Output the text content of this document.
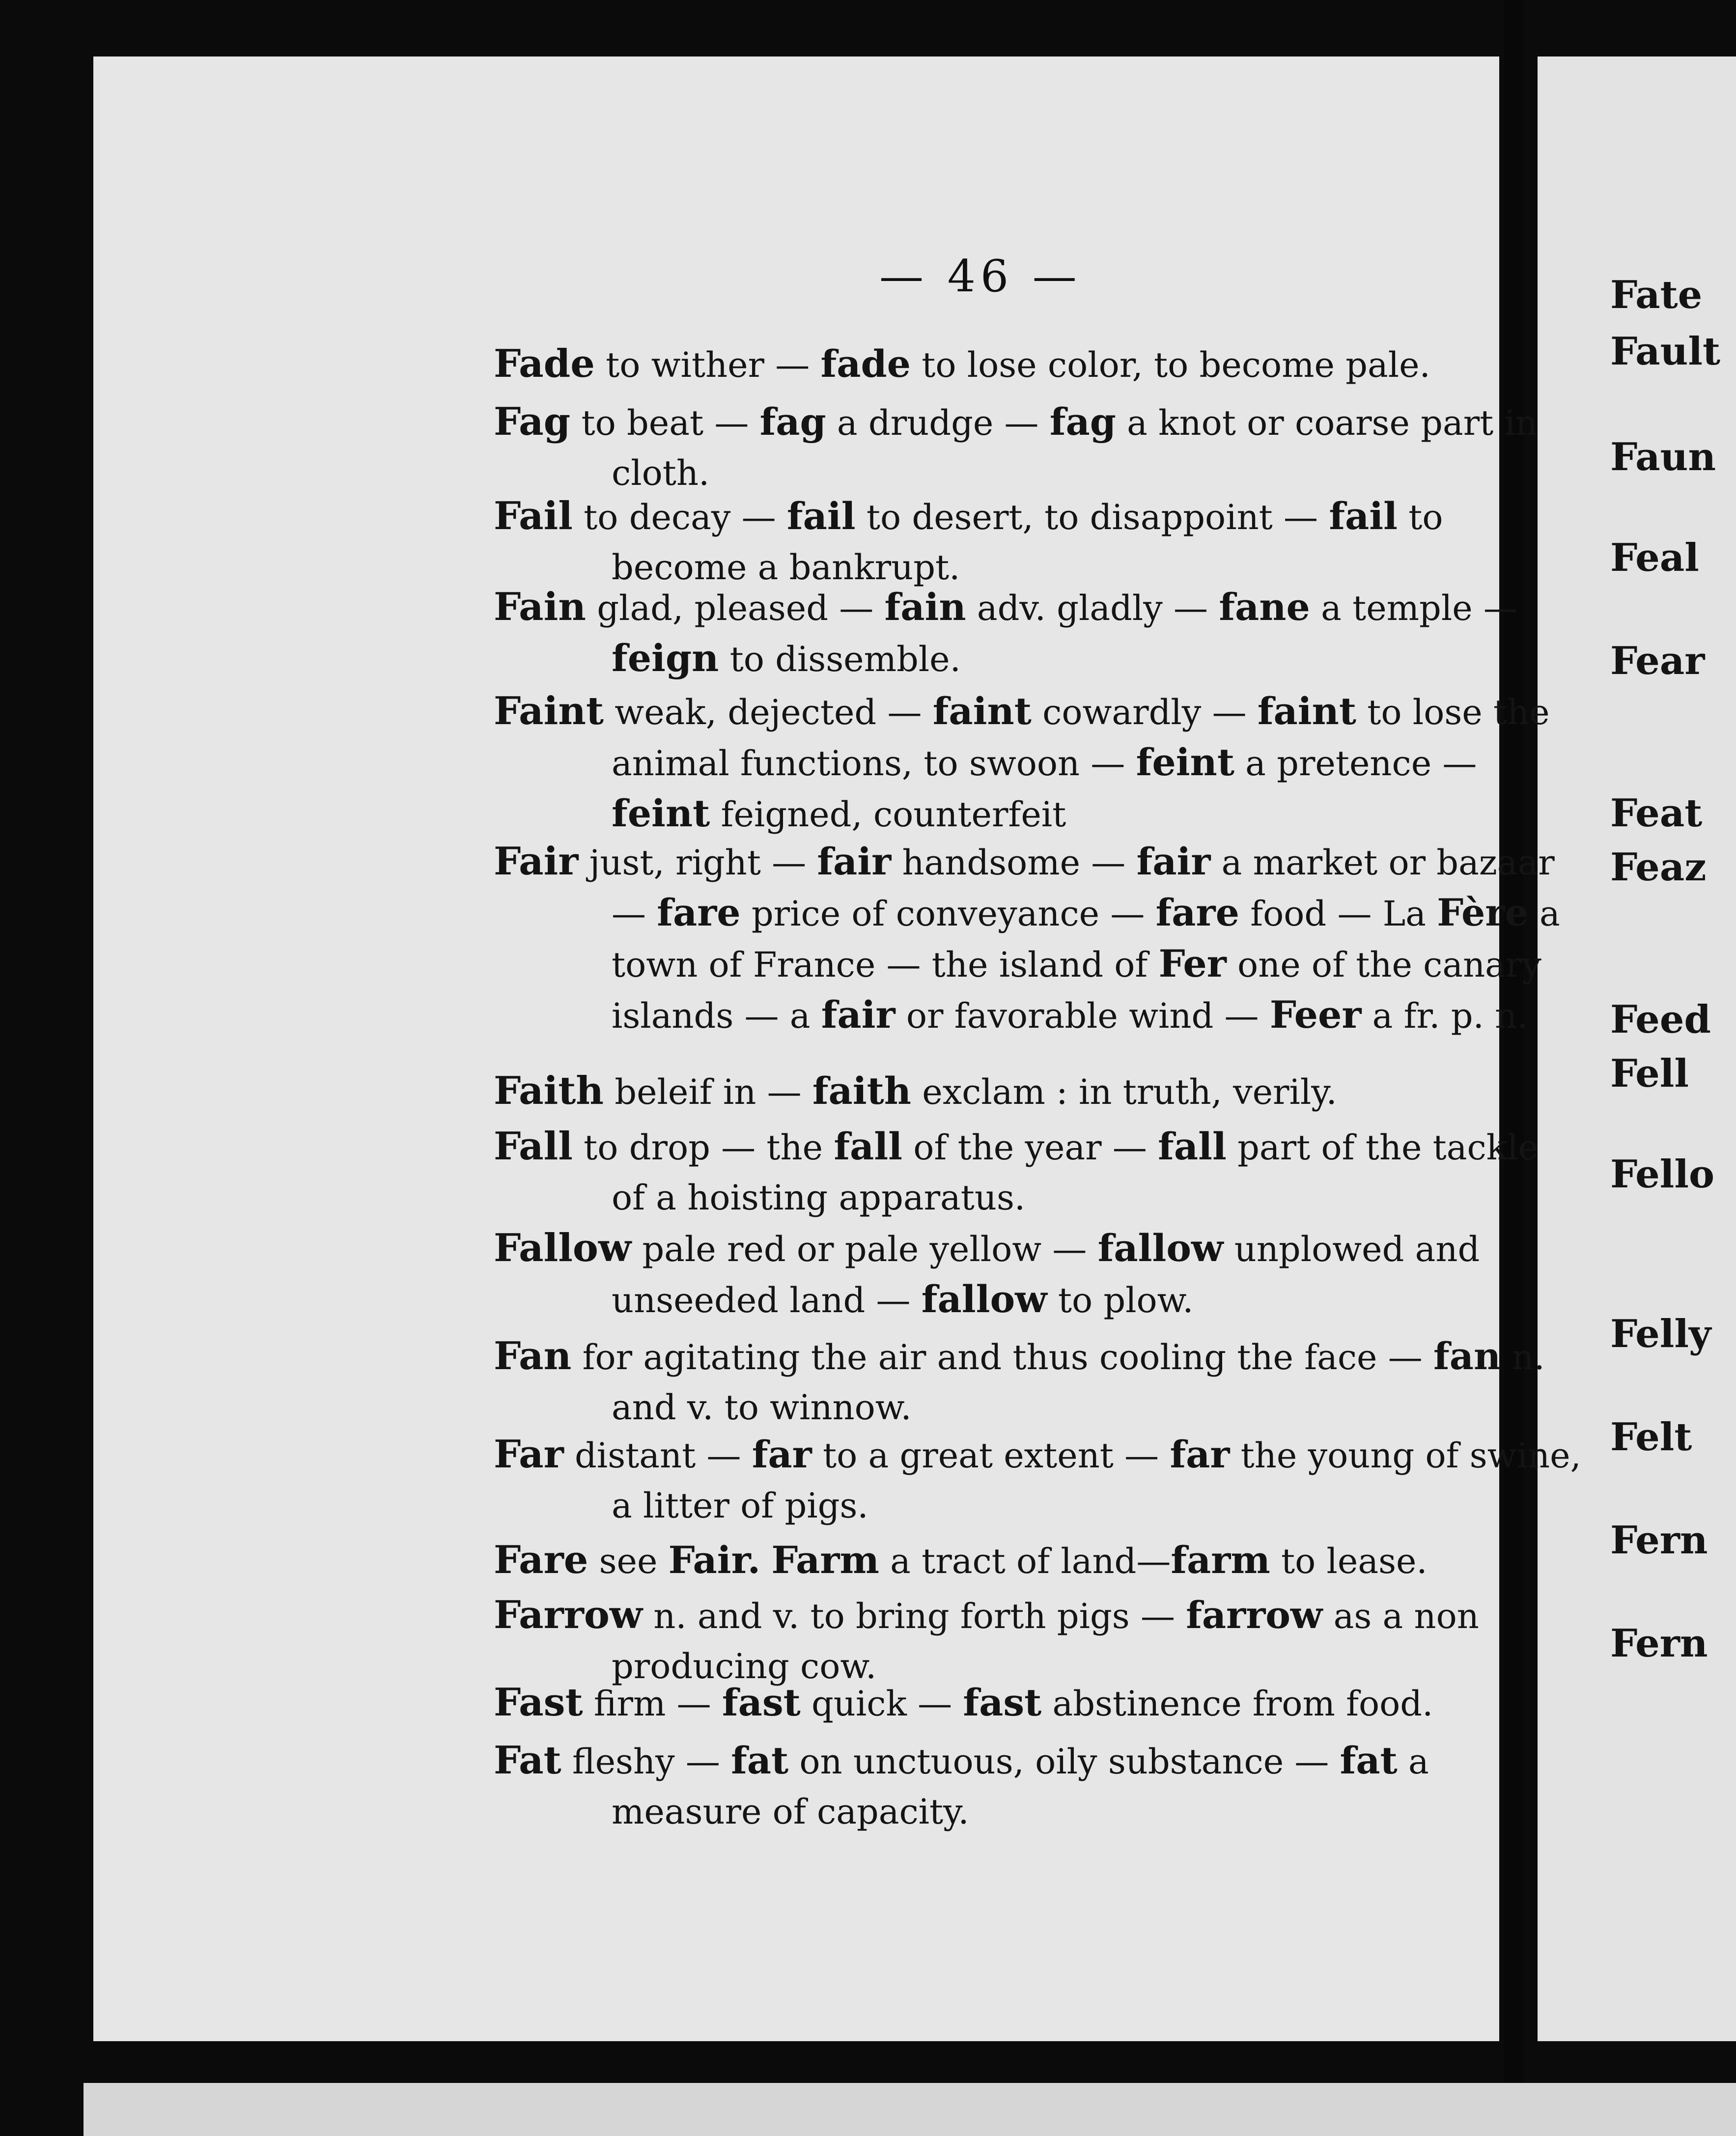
— 46 —
Fade to wither — fade to lose color, to become pale.
Fag to beat — fag a drudge — fag a knot or coarse part in cloth.
Fail to decay — fail to desert, to disappoint — fail to become a bankrupt.
Fain glad, pleased — fain adv. gladly — fane a temple — feign to dissemble.
Faint weak, dejected — faint cowardly — faint to lose the animal functions, to swoon — feint a pretence — feint feigned, counterfeit
Fair just, right — fair handsome — fair a market or bazaar — fare price of conveyance — fare food — La Fère a town of France — the island of Fer one of the canary islands — a fair or favorable wind — Feer a fr. p. n.
Faith beleif in — faith exclam : in truth, verily.
Fall to drop — the fall of the year — fall part of the tackle of a hoisting apparatus.
Fallow pale red or pale yellow — fallow unplowed and unseeded land — fallow to plow.
Fan for agitating the air and thus cooling the face — fan n. and v. to winnow.
Far distant — far to a great extent — far the young of swine, a litter of pigs.
Fare see Fair. Farm a tract of land—farm to lease.
Farrow n. and v. to bring forth pigs — farrow as a non producing cow.
Fast firm — fast quick — fast abstinence from food.
Fat fleshy — fat on unctuous, oily substance — fat a measure of capacity.
Fate
Fault
Faun
Feal
Fear
Feat
Feaz
Feed
Fell
Fello
Felly
Felt
Fern
Fern
